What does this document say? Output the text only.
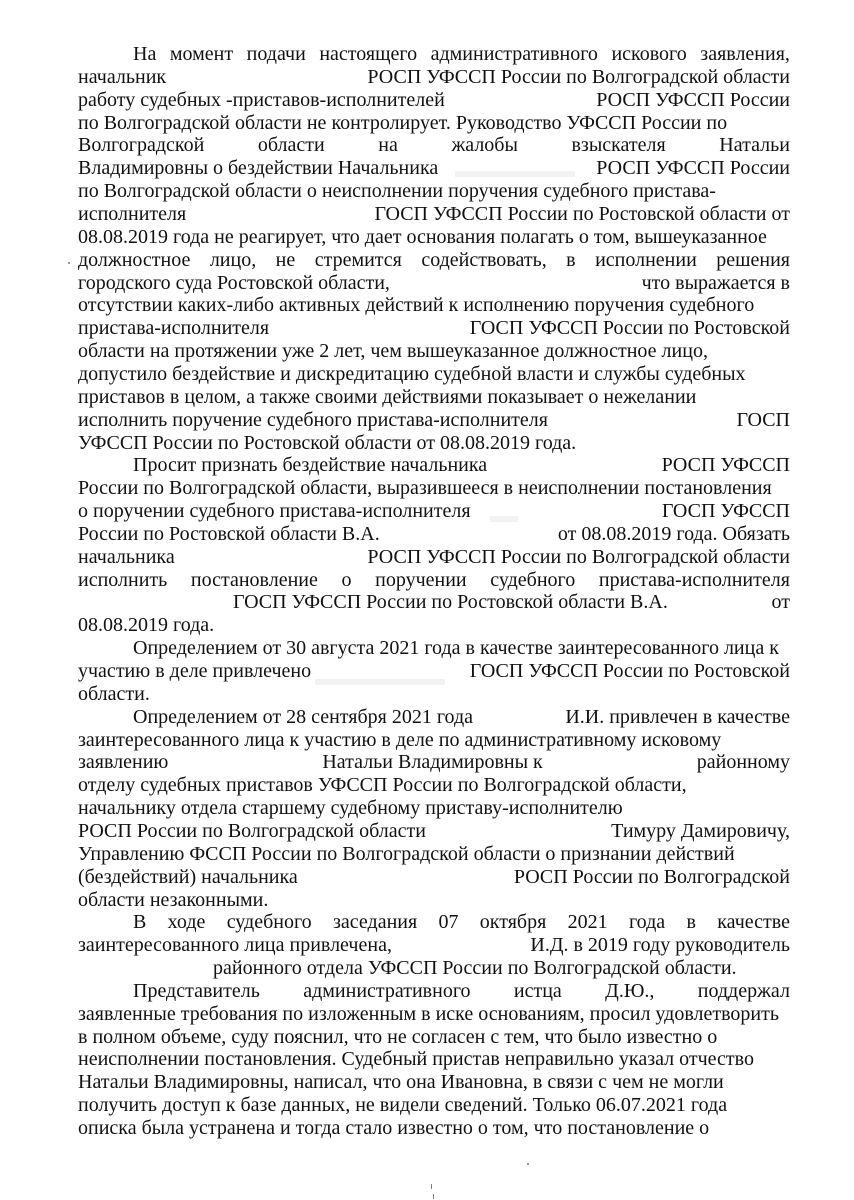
На момент подачи настоящего административного искового заявления,
начальник	РОСП УФССП России по Волгоградской области
работу судебных -приставов-исполнителей	РОСП УФССП России
по Волгоградской области не контролирует. Руководство УФССП России по
Волгоградской	области	на	жалобы	взыскателя	Натальи
Владимировны о бездействии Начальника	РОСП УФССП России
по Волгоградской области о неисполнении поручения судебного пристава-
исполнителя	ГОСП УФССП России по Ростовской области от
08.08.2019 года не реагирует, что дает основания полагать о том, вышеуказанное
должностное лицо, не стремится содействовать, в исполнении решения
городского суда Ростовской области,	что выражается в
отсутствии каких-либо активных действий к исполнению поручения судебного
пристава-исполнителя	ГОСП УФССП России по Ростовской
области на протяжении уже 2 лет, чем вышеуказанное должностное лицо,
допустило бездействие и дискредитацию судебной власти и службы судебных
приставов в целом, а также своими действиями показывает о нежелании
исполнить поручение судебного пристава-исполнителя	ГОСП
УФССП России по Ростовской области от 08.08.2019 года.
Просит признать бездействие начальника	РОСП УФССП
России по Волгоградской области, выразившееся в неисполнении постановления
о поручении судебного пристава-исполнителя	ГОСП УФССП
России по Ростовской области В.А.	от 08.08.2019 года. Обязать
начальника	РОСП УФССП России по Волгоградской области
исполнить постановление о поручении судебного пристава-исполнителя
ГОСП УФССП России по Ростовской области В.А.	от
08.08.2019 года.
Определением от 30 августа 2021 года в качестве заинтересованного лица к
участию в деле привлечено	ГОСП УФССП России по Ростовской
области.
Определением от 28 сентября 2021 года	И.И. привлечен в качестве
заинтересованного лица к участию в деле по административному исковому
заявлению	Натальи Владимировны к	районному
отделу судебных приставов УФССП России по Волгоградской области,
начальнику отдела старшему судебному приставу-исполнителю
РОСП России по Волгоградской области	Тимуру Дамировичу,
Управлению ФССП России по Волгоградской области о признании действий
(бездействий) начальника	РОСП России по Волгоградской
области незаконными.
В ходе судебного заседания 07 октября 2021 года в качестве
заинтересованного лица привлечена,	И.Д. в 2019 году руководитель
районного отдела УФССП России по Волгоградской области.
Представитель административного истца Д.Ю., поддержал
заявленные требования по изложенным в иске основаниям, просил удовлетворить
в полном объеме, суду пояснил, что не согласен с тем, что было известно о
неисполнении постановления. Судебный пристав неправильно указал отчество
Натальи Владимировны, написал, что она Ивановна, в связи с чем не могли
получить доступ к базе данных, не видели сведений. Только 06.07.2021 года
описка была устранена и тогда стало известно о том, что постановление о
